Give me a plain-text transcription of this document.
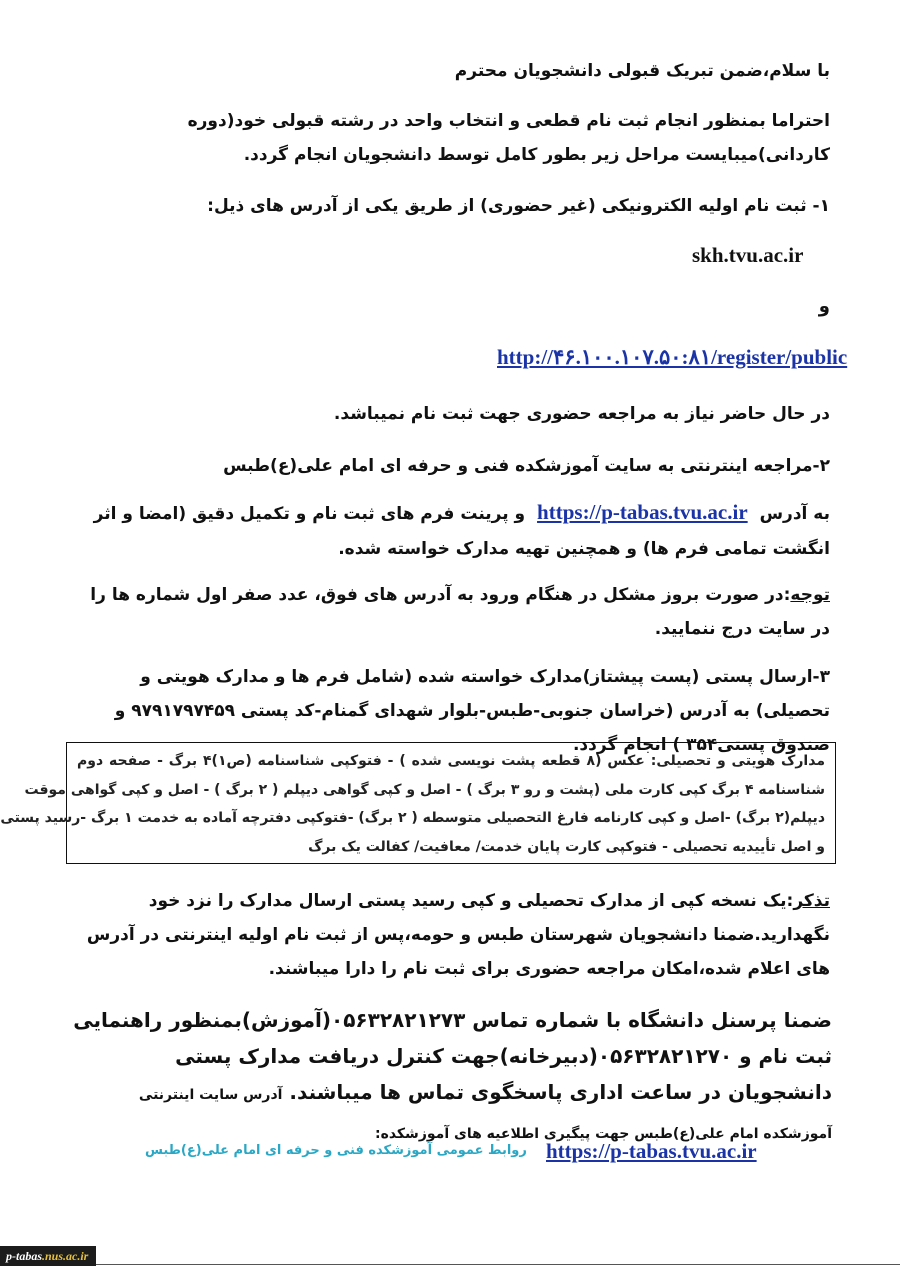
با سلام،ضمن تبریک قبولی دانشجویان محترم
احتراما بمنظور انجام ثبت نام قطعی و انتخاب واحد در رشته قبولی خود(دوره کاردانی)میبایست مراحل زیر بطور کامل توسط دانشجویان انجام گردد.
۱- ثبت نام اولیه الکترونیکی (غیر حضوری) از طریق یکی از آدرس های ذیل:
skh.tvu.ac.ir
و
http://۴۶.۱۰۰.۱۰۷.۵۰:۸۱/register/public
در حال حاضر نیاز به مراجعه حضوری جهت ثبت نام نمیباشد.
۲-مراجعه اینترنتی به سایت آموزشکده فنی و حرفه ای امام علی(ع)طبس
به آدرس https://p-tabas.tvu.ac.ir و پرینت فرم های ثبت نام و تکمیل دقیق (امضا و اثر انگشت تمامی فرم ها) و همچنین تهیه مدارک خواسته شده.
توجه:در صورت بروز مشکل در هنگام ورود به آدرس های فوق، عدد صفر اول شماره ها را در سایت درج ننمایید.
۳-ارسال پستی (پست پیشتاز)مدارک خواسته شده (شامل فرم ها و مدارک هویتی و تحصیلی) به آدرس (خراسان جنوبی-طبس-بلوار شهدای گمنام-کد پستی ۹۷۹۱۷۹۷۴۵۹ و صندوق پستی۳۵۴ ) انجام گردد.
مدارک هویتی و تحصیلی: عکس (۸ قطعه پشت نویسی شده ) - فتوکپی شناسنامه (ص۱)۴ برگ - صفحه دوم
شناسنامه ۴ برگ کپی کارت ملی (پشت و رو ۳ برگ ) - اصل و کپی گواهی دیپلم ( ۲ برگ ) - اصل و کپی گواهی موقت
دیپلم(۲ برگ) -اصل و کپی کارنامه فارغ التحصیلی متوسطه ( ۲ برگ) -فتوکپی دفترچه آماده به خدمت ۱ برگ -رسید پستی
و اصل تأییدیه تحصیلی - فتوکپی کارت پایان خدمت/ معافیت/ کفالت یک برگ
تذکر:یک نسخه کپی از مدارک تحصیلی و کپی رسید پستی ارسال مدارک را نزد خود نگهدارید.ضمنا دانشجویان شهرستان طبس و حومه،پس از ثبت نام اولیه اینترنتی در آدرس های اعلام شده،امکان مراجعه حضوری برای ثبت نام را دارا میباشند.
ضمنا پرسنل دانشگاه با شماره تماس ۰۵۶۳۲۸۲۱۲۷۳(آموزش)بمنظور راهنمایی ثبت نام و ۰۵۶۳۲۸۲۱۲۷۰(دبیرخانه)جهت کنترل دریافت مدارک پستی دانشجویان در ساعت اداری پاسخگوی تماس ها میباشند. آدرس سایت اینترنتی آموزشکده امام علی(ع)طبس جهت پیگیری اطلاعیه های آموزشکده:
روابط عمومی آموزشکده فنی و حرفه ای امام علی(ع)طبس https://p-tabas.tvu.ac.ir
p-tabas.nus.ac.ir
